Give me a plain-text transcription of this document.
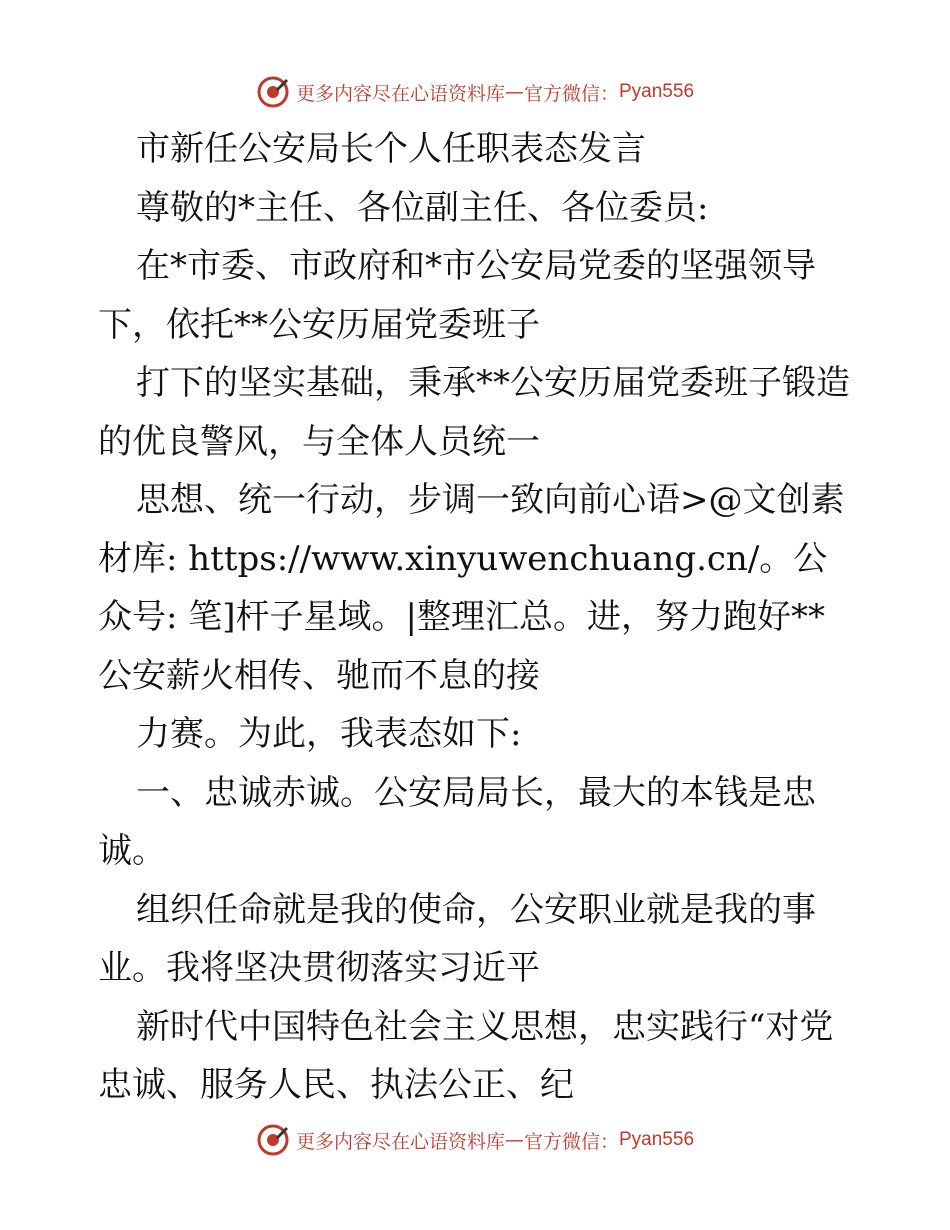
更多内容尽在心语资料库 — 官方微信： Pyan556

市新任公安局长个人任职表态发言

尊敬的*主任、各位副主任、各位委员:

在*市委、市政府和*市公安局党委的坚强领导下，依托**公安历届党委班子

打下的坚实基础，秉承**公安历届党委班子锻造的优良警风，与全体人员统一

思想、统一行动，步调一致向前心语>@文创素材库: https://www.xinyuwenchuang.cn/。公众号: 笔]杆子星域。|整理汇总。进，努力跑好**公安薪火相传、驰而不息的接

力赛。为此，我表态如下:

一、忠诚赤诚。公安局局长，最大的本钱是忠诚。

组织任命就是我的使命，公安职业就是我的事业。我将坚决贯彻落实习近平

新时代中国特色社会主义思想，忠实践行“对党忠诚、服务人民、执法公正、纪

更多内容尽在心语资料库 — 官方微信： Pyan556
